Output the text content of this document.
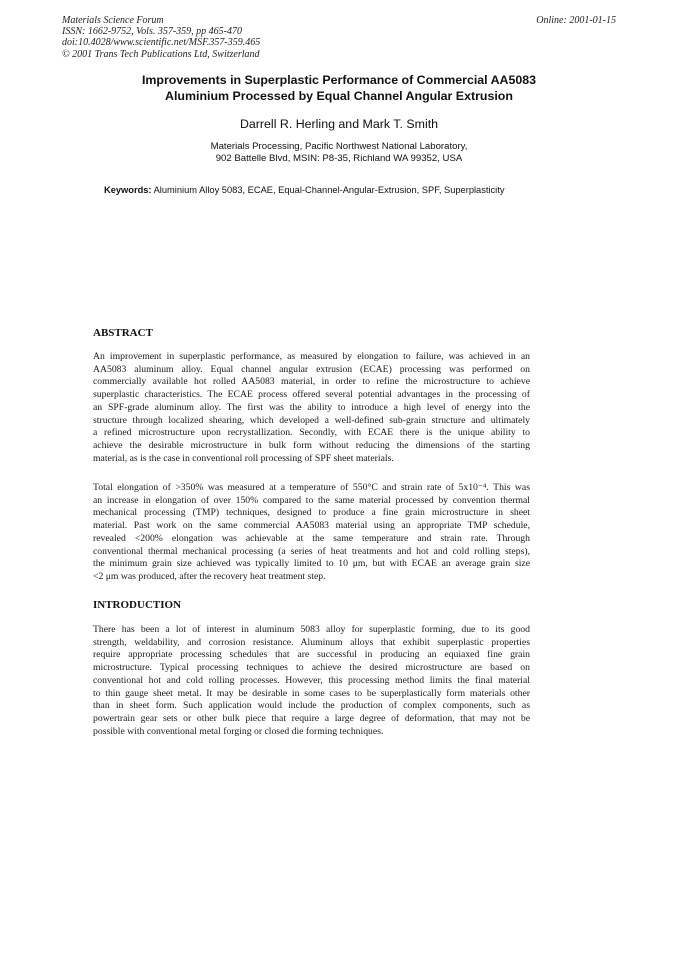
Materials Science Forum
ISSN: 1662-9752, Vols. 357-359, pp 465-470
doi:10.4028/www.scientific.net/MSF.357-359.465
© 2001 Trans Tech Publications Ltd, Switzerland
Online: 2001-01-15
Improvements in Superplastic Performance of Commercial AA5083
Aluminium Processed by Equal Channel Angular Extrusion
Darrell R. Herling and Mark T. Smith
Materials Processing, Pacific Northwest National Laboratory,
902 Battelle Blvd, MSIN: P8-35, Richland WA 99352, USA
Keywords: Aluminium Alloy 5083, ECAE, Equal-Channel-Angular-Extrusion, SPF, Superplasticity
ABSTRACT
An improvement in superplastic performance, as measured by elongation to failure, was achieved in an
AA5083 aluminum alloy. Equal channel angular extrusion (ECAE) processing was performed on
commercially available hot rolled AA5083 material, in order to refine the microstructure to achieve
superplastic characteristics. The ECAE process offered several potential advantages in the processing of
an SPF-grade aluminum alloy. The first was the ability to introduce a high level of energy into the
structure through localized shearing, which developed a well-defined sub-grain structure and ultimately
a refined microstructure upon recrystallization. Secondly, with ECAE there is the unique ability to
achieve the desirable microstructure in bulk form without reducing the dimensions of the starting
material, as is the case in conventional roll processing of SPF sheet materials.
Total elongation of >350% was measured at a temperature of 550°C and strain rate of 5x10⁻⁴. This was
an increase in elongation of over 150% compared to the same material processed by convention thermal
mechanical processing (TMP) techniques, designed to produce a fine grain microstructure in sheet
material. Past work on the same commercial AA5083 material using an appropriate TMP schedule,
revealed <200% elongation was achievable at the same temperature and strain rate. Through
conventional thermal mechanical processing (a series of heat treatments and hot and cold rolling steps),
the minimum grain size achieved was typically limited to 10 μm, but with ECAE an average grain size
<2 μm was produced, after the recovery heat treatment step.
INTRODUCTION
There has been a lot of interest in aluminum 5083 alloy for superplastic forming, due to its good
strength, weldability, and corrosion resistance. Aluminum alloys that exhibit superplastic properties
require appropriate processing schedules that are successful in producing an equiaxed fine grain
microstructure. Typical processing techniques to achieve the desired microstructure are based on
conventional hot and cold rolling processes. However, this processing method limits the final material
to thin gauge sheet metal. It may be desirable in some cases to be superplastically form materials other
than in sheet form. Such application would include the production of complex components, such as
powertrain gear sets or other bulk piece that require a large degree of deformation, that may not be
possible with conventional metal forging or closed die forming techniques.
